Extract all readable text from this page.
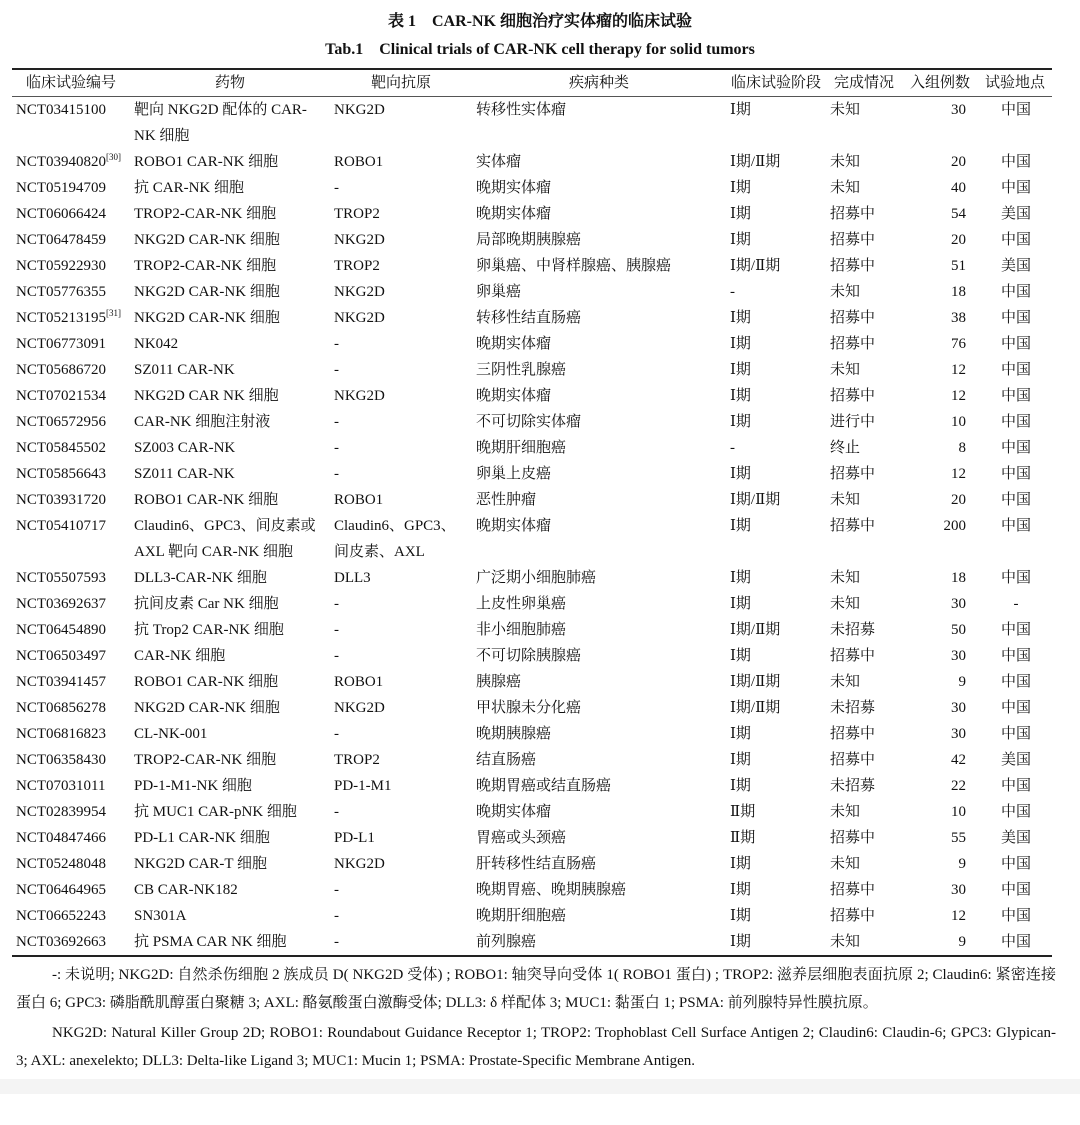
表 1　CAR-NK 细胞治疗实体瘤的临床试验
Tab.1　Clinical trials of CAR-NK cell therapy for solid tumors
临床试验编号	药物	靶向抗原	疾病种类	临床试验阶段	完成情况	入组例数	试验地点
NCT03415100	靶向 NKG2D 配体的 CAR-NK 细胞	NKG2D	转移性实体瘤	Ⅰ期	未知	30	中国
NCT03940820[30]	ROBO1 CAR-NK 细胞	ROBO1	实体瘤	Ⅰ期/Ⅱ期	未知	20	中国
NCT05194709	抗 CAR-NK 细胞	-	晚期实体瘤	Ⅰ期	未知	40	中国
NCT06066424	TROP2-CAR-NK 细胞	TROP2	晚期实体瘤	Ⅰ期	招募中	54	美国
NCT06478459	NKG2D CAR-NK 细胞	NKG2D	局部晚期胰腺癌	Ⅰ期	招募中	20	中国
NCT05922930	TROP2-CAR-NK 细胞	TROP2	卵巢癌、中肾样腺癌、胰腺癌	Ⅰ期/Ⅱ期	招募中	51	美国
NCT05776355	NKG2D CAR-NK 细胞	NKG2D	卵巢癌	-	未知	18	中国
NCT05213195[31]	NKG2D CAR-NK 细胞	NKG2D	转移性结直肠癌	Ⅰ期	招募中	38	中国
NCT06773091	NK042	-	晚期实体瘤	Ⅰ期	招募中	76	中国
NCT05686720	SZ011 CAR-NK	-	三阴性乳腺癌	Ⅰ期	未知	12	中国
NCT07021534	NKG2D CAR NK 细胞	NKG2D	晚期实体瘤	Ⅰ期	招募中	12	中国
NCT06572956	CAR-NK 细胞注射液	-	不可切除实体瘤	Ⅰ期	进行中	10	中国
NCT05845502	SZ003 CAR-NK	-	晚期肝细胞癌	-	终止	8	中国
NCT05856643	SZ011 CAR-NK	-	卵巢上皮癌	Ⅰ期	招募中	12	中国
NCT03931720	ROBO1 CAR-NK 细胞	ROBO1	恶性肿瘤	Ⅰ期/Ⅱ期	未知	20	中国
NCT05410717	Claudin6、GPC3、间皮素或 AXL 靶向 CAR-NK 细胞	Claudin6、GPC3、间皮素、AXL	晚期实体瘤	Ⅰ期	招募中	200	中国
NCT05507593	DLL3-CAR-NK 细胞	DLL3	广泛期小细胞肺癌	Ⅰ期	未知	18	中国
NCT03692637	抗间皮素 Car NK 细胞	-	上皮性卵巢癌	Ⅰ期	未知	30	-
NCT06454890	抗 Trop2 CAR-NK 细胞	-	非小细胞肺癌	Ⅰ期/Ⅱ期	未招募	50	中国
NCT06503497	CAR-NK 细胞	-	不可切除胰腺癌	Ⅰ期	招募中	30	中国
NCT03941457	ROBO1 CAR-NK 细胞	ROBO1	胰腺癌	Ⅰ期/Ⅱ期	未知	9	中国
NCT06856278	NKG2D CAR-NK 细胞	NKG2D	甲状腺未分化癌	Ⅰ期/Ⅱ期	未招募	30	中国
NCT06816823	CL-NK-001	-	晚期胰腺癌	Ⅰ期	招募中	30	中国
NCT06358430	TROP2-CAR-NK 细胞	TROP2	结直肠癌	Ⅰ期	招募中	42	美国
NCT07031011	PD-1-M1-NK 细胞	PD-1-M1	晚期胃癌或结直肠癌	Ⅰ期	未招募	22	中国
NCT02839954	抗 MUC1 CAR-pNK 细胞	-	晚期实体瘤	Ⅱ期	未知	10	中国
NCT04847466	PD-L1 CAR-NK 细胞	PD-L1	胃癌或头颈癌	Ⅱ期	招募中	55	美国
NCT05248048	NKG2D CAR-T 细胞	NKG2D	肝转移性结直肠癌	Ⅰ期	未知	9	中国
NCT06464965	CB CAR-NK182	-	晚期胃癌、晚期胰腺癌	Ⅰ期	招募中	30	中国
NCT06652243	SN301A	-	晚期肝细胞癌	Ⅰ期	招募中	12	中国
NCT03692663	抗 PSMA CAR NK 细胞	-	前列腺癌	Ⅰ期	未知	9	中国
-: 未说明; NKG2D: 自然杀伤细胞 2 族成员 D( NKG2D 受体) ; ROBO1: 轴突导向受体 1( ROBO1 蛋白) ; TROP2: 滋养层细胞表面抗原 2; Claudin6: 紧密连接蛋白 6; GPC3: 磷脂酰肌醇蛋白聚糖 3; AXL: 酪氨酸蛋白激酶受体; DLL3: δ 样配体 3; MUC1: 黏蛋白 1; PSMA: 前列腺特异性膜抗原。
NKG2D: Natural Killer Group 2D; ROBO1: Roundabout Guidance Receptor 1; TROP2: Trophoblast Cell Surface Antigen 2; Claudin6: Claudin-6; GPC3: Glypican-3; AXL: anexelekto; DLL3: Delta-like Ligand 3; MUC1: Mucin 1; PSMA: Prostate-Specific Membrane Antigen.
